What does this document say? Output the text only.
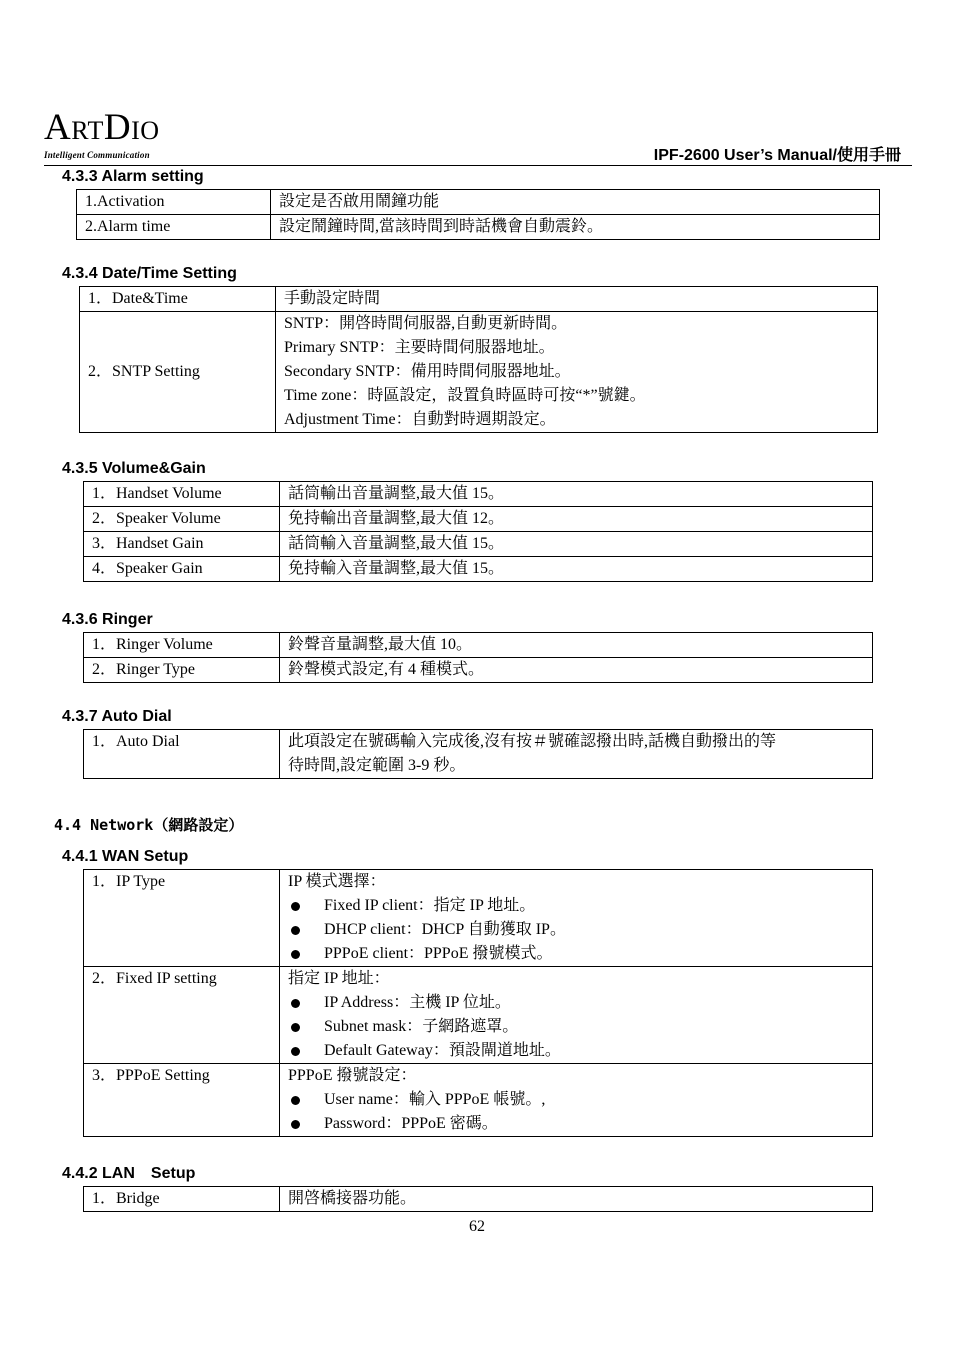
ARTDIO
Intelligent Communication	IPF-2600 User’s Manual/使用手冊
4.3.3 Alarm setting
1.Activation	設定是否啟用鬧鐘功能
2.Alarm time	設定鬧鐘時間,當該時間到時話機會自動震鈴。
4.3.4 Date/Time Setting
1．Date&Time	手動設定時間
2．SNTP Setting	SNTP：開啓時間伺服器,自動更新時間。
Primary SNTP：主要時間伺服器地址。
Secondary SNTP：備用時間伺服器地址。
Time zone：時區設定，設置負時區時可按“*”號鍵。
Adjustment Time：自動對時週期設定。
4.3.5 Volume&Gain
1．Handset Volume	話筒輸出音量調整,最大值 15。
2．Speaker Volume	免持輸出音量調整,最大值 12。
3．Handset Gain	話筒輸入音量調整,最大值 15。
4．Speaker Gain	免持輸入音量調整,最大值 15。
4.3.6 Ringer
1．Ringer Volume	鈴聲音量調整,最大值 10。
2．Ringer Type	鈴聲模式設定,有 4 種模式。
4.3.7 Auto Dial
1．Auto Dial	此項設定在號碼輸入完成後,沒有按＃號確認撥出時,話機自動撥出的等
待時間,設定範圍 3-9 秒。
4.4 Network（網路設定）
4.4.1 WAN Setup
1．IP Type	IP 模式選擇：
Fixed IP client：指定 IP 地址。
DHCP client：DHCP 自動獲取 IP。
PPPoE client：PPPoE 撥號模式。

2．Fixed IP setting	指定 IP 地址：
IP Address：主機 IP 位址。
Subnet mask：子網路遮罩。
Default Gateway：預設閘道地址。

3．PPPoE Setting	PPPoE 撥號設定：
User name：輸入 PPPoE 帳號。,
Password：PPPoE 密碼。
4.4.2 LAN　Setup
1．Bridge	開啓橋接器功能。
62
